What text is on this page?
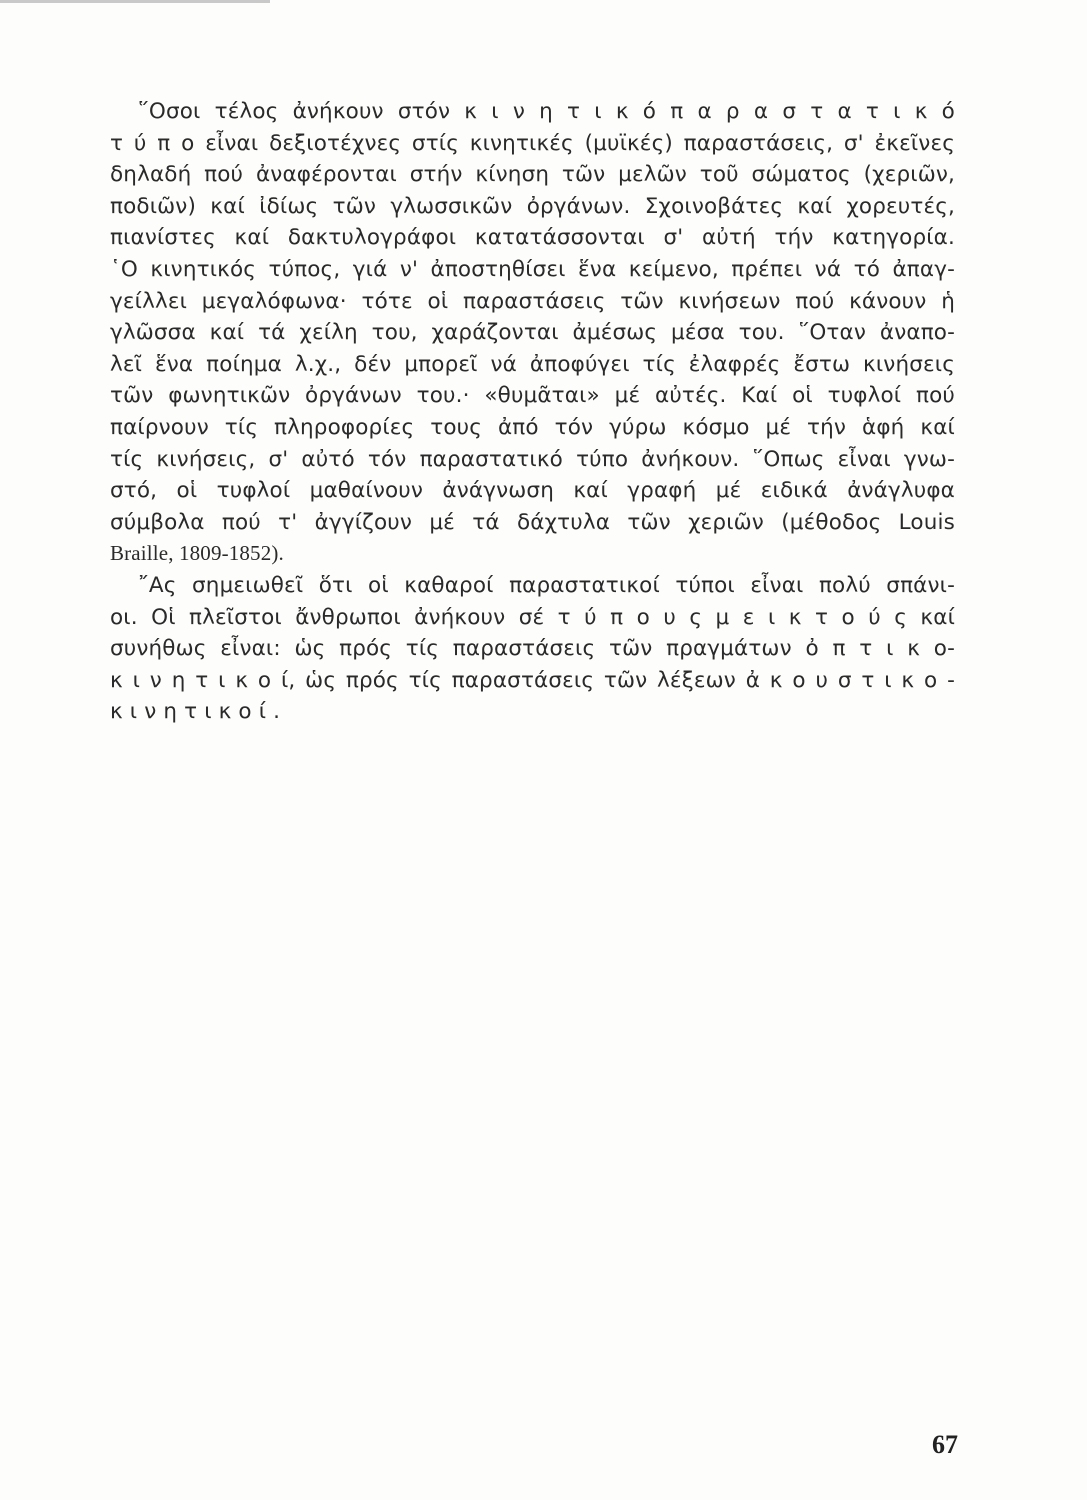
῞Οσοι τέλος ἀνήκουν στόν κ ι ν η τ ι κ ό π α ρ α σ τ α τ ι κ ό
τ ύ π ο εἶναι δεξιοτέχνες στίς κινητικές (μυϊκές) παραστάσεις, σ' ἐκεῖνες
δηλαδή πού ἀναφέρονται στήν κίνηση τῶν μελῶν τοῦ σώματος (χεριῶν,
ποδιῶν) καί ἰδίως τῶν γλωσσικῶν ὀργάνων. Σχοινοβάτες καί χορευτές,
πιανίστες καί δακτυλογράφοι κατατάσσονται σ' αὐτή τήν κατηγορία.
῾Ο κινητικός τύπος, γιά ν' ἀποστηθίσει ἕνα κείμενο, πρέπει νά τό ἀπαγ-
γείλλει μεγαλόφωνα· τότε οἱ παραστάσεις τῶν κινήσεων πού κάνουν ἡ
γλῶσσα καί τά χείλη του, χαράζονται ἀμέσως μέσα του. ῞Οταν ἀναπο-
λεῖ ἕνα ποίημα λ.χ., δέν μπορεῖ νά ἀποφύγει τίς ἐλαφρές ἔστω κινήσεις
τῶν φωνητικῶν ὀργάνων του.· «θυμᾶται» μέ αὐτές. Καί οἱ τυφλοί πού
παίρνουν τίς πληροφορίες τους ἀπό τόν γύρω κόσμο μέ τήν ἁφή καί
τίς κινήσεις, σ' αὐτό τόν παραστατικό τύπο ἀνήκουν. ῞Οπως εἶναι γνω-
στό, οἱ τυφλοί μαθαίνουν ἀνάγνωση καί γραφή μέ ειδικά ἀνάγλυφα
σύμβολα πού τ' ἀγγίζουν μέ τά δάχτυλα τῶν χεριῶν (μέθοδος Louis
Braille, 1809-1852).
῎Ας σημειωθεῖ ὅτι οἱ καθαροί παραστατικοί τύποι εἶναι πολύ σπάνι-
οι. Οἱ πλεῖστοι ἄνθρωποι ἀνήκουν σέ τ ύ π ο υ ς μ ε ι κ τ ο ύ ς καί
συνήθως εἶναι: ὡς πρός τίς παραστάσεις τῶν πραγμάτων ὀ π τ ι κ ο-
κ ι ν η τ ι κ ο ί, ὡς πρός τίς παραστάσεις τῶν λέξεων ἀ κ ο υ σ τ ι κ ο -
κ ι ν η τ ι κ ο ί .
67
